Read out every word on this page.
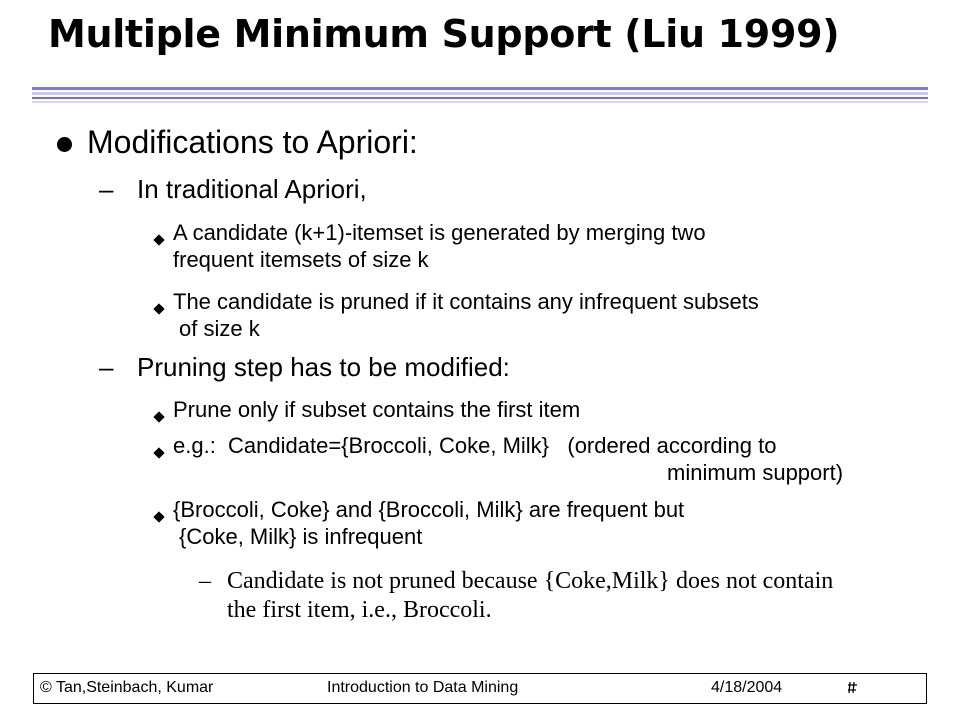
Multiple Minimum Support (Liu 1999)
Modifications to Apriori:
– In traditional Apriori,
A candidate (k+1)-itemset is generated by merging two
frequent itemsets of size k
The candidate is pruned if it contains any infrequent subsets
of size k
– Pruning step has to be modified:
Prune only if subset contains the first item
e.g.:  Candidate={Broccoli, Coke, Milk}   (ordered according to
minimum support)
{Broccoli, Coke} and {Broccoli, Milk} are frequent but
{Coke, Milk} is infrequent
– Candidate is not pruned because {Coke,Milk} does not contain
the first item, i.e., Broccoli.
© Tan,Steinbach, Kumar	Introduction to Data Mining	4/18/2004
